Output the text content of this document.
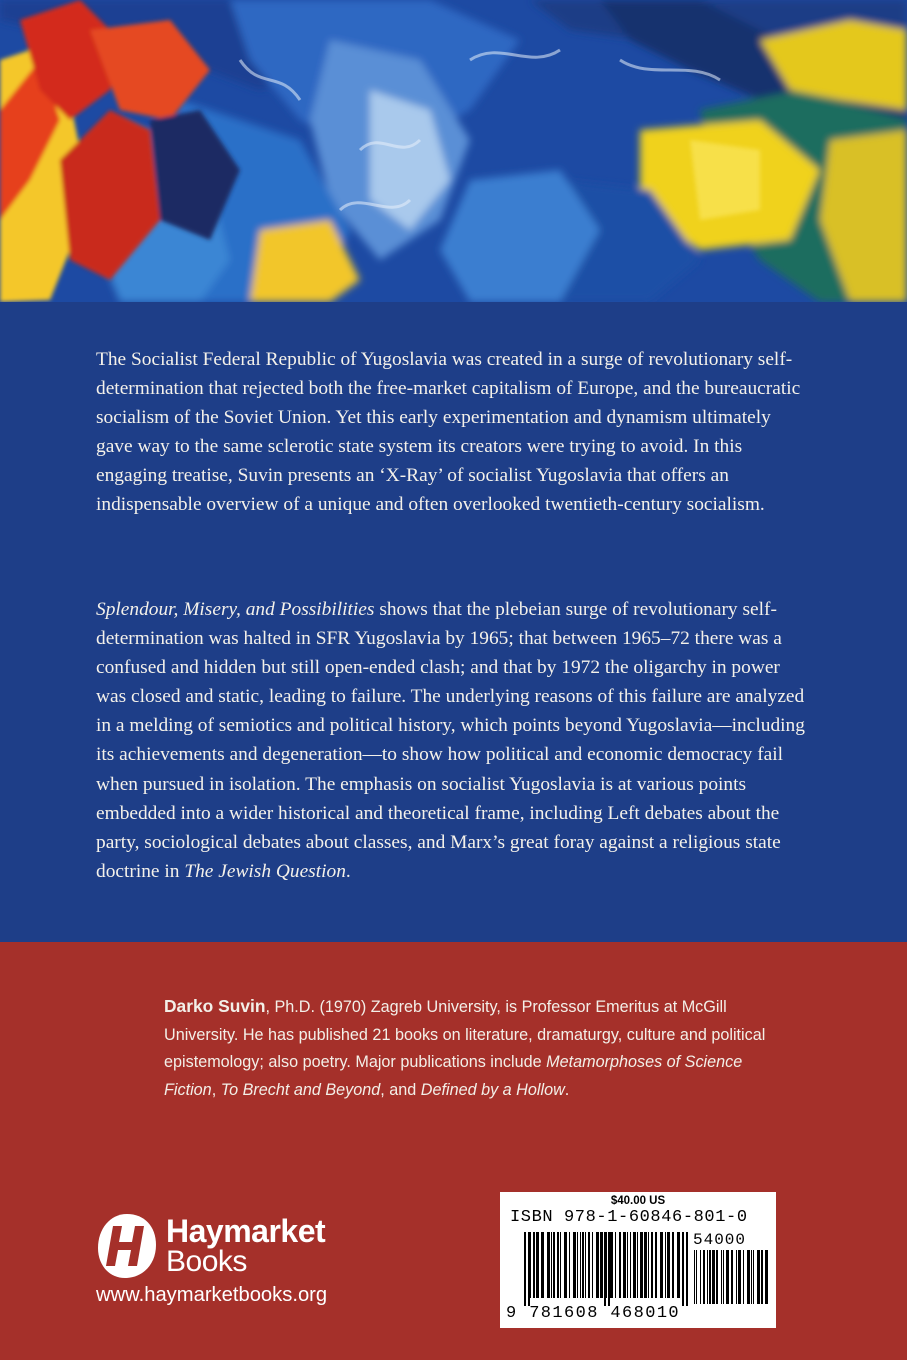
The Socialist Federal Republic of Yugoslavia was created in a surge of revolutionary self-determination that rejected both the free-market capitalism of Europe, and the bureaucratic socialism of the Soviet Union. Yet this early experimentation and dynamism ultimately gave way to the same sclerotic state system its creators were trying to avoid. In this engaging treatise, Suvin presents an ‘X-Ray’ of socialist Yugoslavia that offers an indispensable overview of a unique and often overlooked twentieth-century socialism.

Splendour, Misery, and Possibilities shows that the plebeian surge of revolutionary self-determination was halted in SFR Yugoslavia by 1965; that between 1965–72 there was a confused and hidden but still open-ended clash; and that by 1972 the oligarchy in power was closed and static, leading to failure. The underlying reasons of this failure are analyzed in a melding of semiotics and political history, which points beyond Yugoslavia—including its achievements and degeneration—to show how political and economic democracy fail when pursued in isolation. The emphasis on socialist Yugoslavia is at various points embedded into a wider historical and theoretical frame, including Left debates about the party, sociological debates about classes, and Marx’s great foray against a religious state doctrine in The Jewish Question.

Darko Suvin, Ph.D. (1970) Zagreb University, is Professor Emeritus at McGill University. He has published 21 books on literature, dramaturgy, culture and political epistemology; also poetry. Major publications include Metamorphoses of Science Fiction, To Brecht and Beyond, and Defined by a Hollow.

Haymarket
Books
www.haymarketbooks.org
$40.00 US
ISBN 978-1-60846-801-0
54000
9 781608 468010
